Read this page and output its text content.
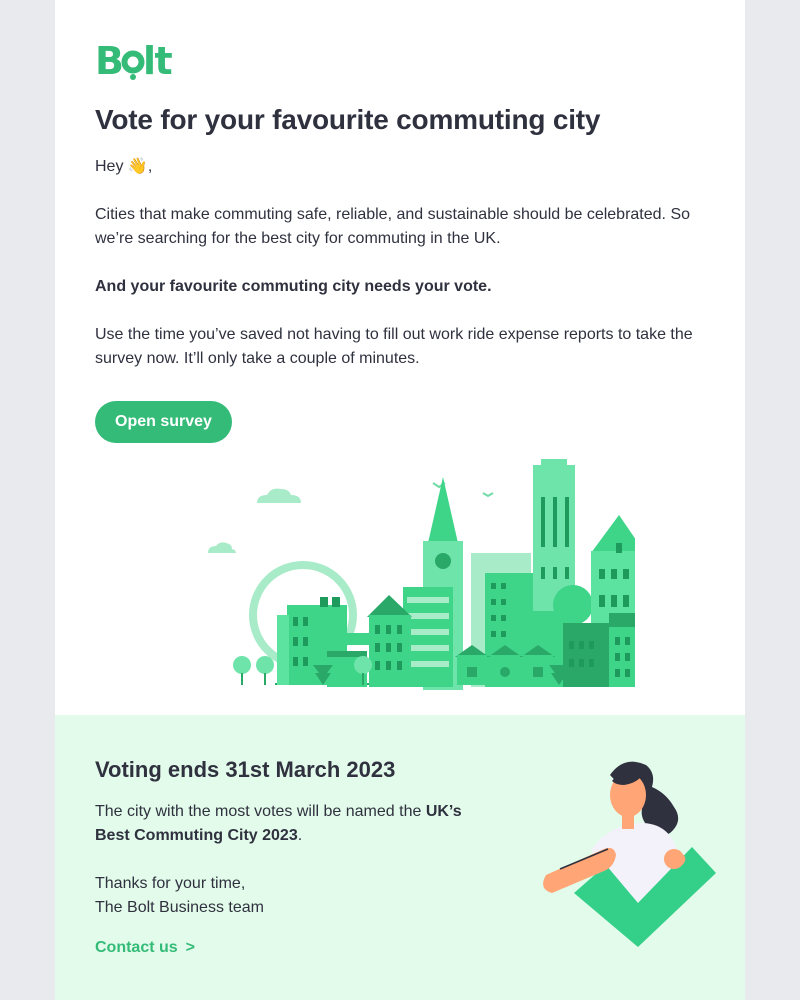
B lt
Vote for your favourite commuting city
Hey 👋,
Cities that make commuting safe, reliable, and sustainable should be celebrated. So we’re searching for the best city for commuting in the UK.
And your favourite commuting city needs your vote.
Use the time you’ve saved not having to fill out work ride expense reports to take the survey now. It’ll only take a couple of minutes.
Open survey
Voting ends 31st March 2023
The city with the most votes will be named the UK’s Best Commuting City 2023.
Thanks for your time,
The Bolt Business team
Contact us >
